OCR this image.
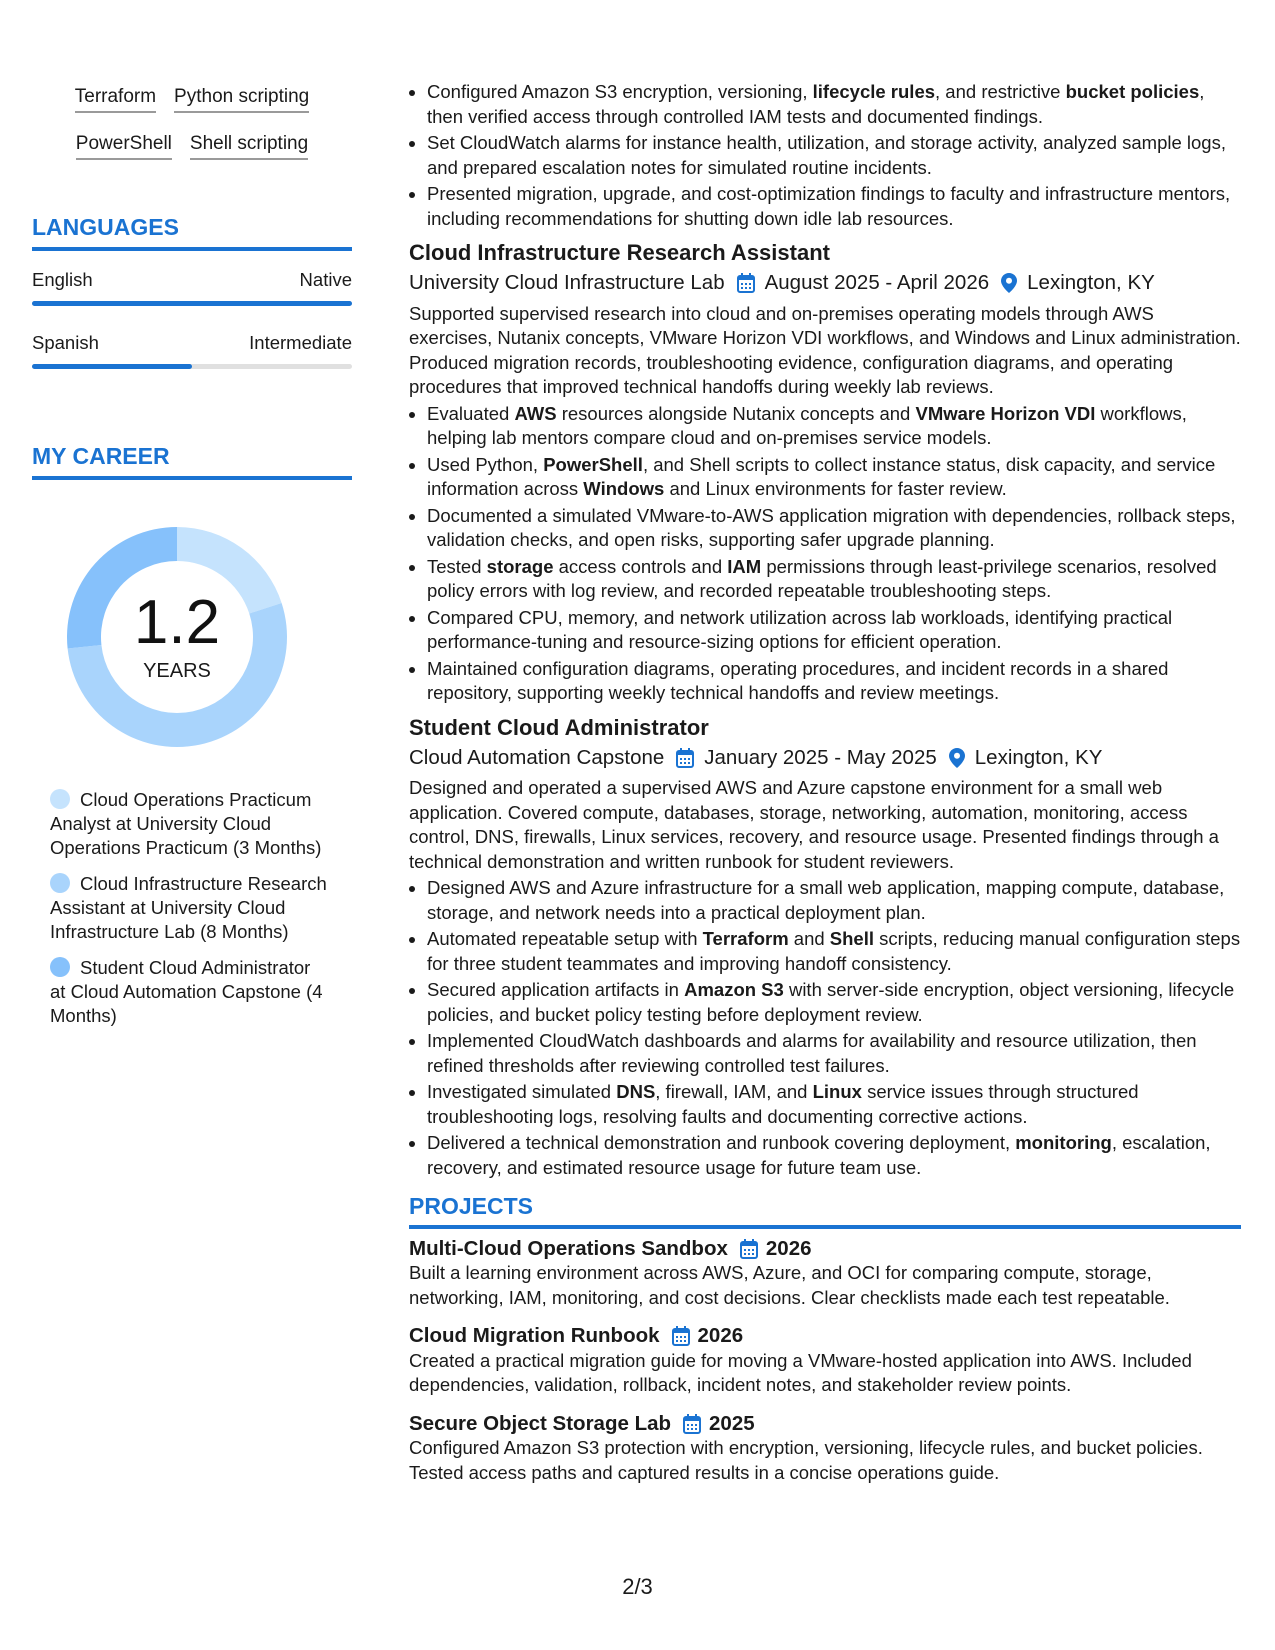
Terraform Python scripting
PowerShell Shell scripting
LANGUAGES
English	Native
Spanish	Intermediate
MY CAREER
1.2
YEARS
Cloud Operations Practicum Analyst at University Cloud Operations Practicum (3 Months)
Cloud Infrastructure Research Assistant at University Cloud Infrastructure Lab (8 Months)
Student Cloud Administrator at Cloud Automation Capstone (4 Months)
• Configured Amazon S3 encryption, versioning, lifecycle rules, and restrictive bucket policies, then verified access through controlled IAM tests and documented findings.
• Set CloudWatch alarms for instance health, utilization, and storage activity, analyzed sample logs, and prepared escalation notes for simulated routine incidents.
• Presented migration, upgrade, and cost-optimization findings to faculty and infrastructure mentors, including recommendations for shutting down idle lab resources.
Cloud Infrastructure Research Assistant
University Cloud Infrastructure Lab August 2025 - April 2026 Lexington, KY

Supported supervised research into cloud and on-premises operating models through AWS exercises, Nutanix concepts, VMware Horizon VDI workflows, and Windows and Linux administration. Produced migration records, troubleshooting evidence, configuration diagrams, and operating procedures that improved technical handoffs during weekly lab reviews.

• Evaluated AWS resources alongside Nutanix concepts and VMware Horizon VDI workflows, helping lab mentors compare cloud and on-premises service models.
• Used Python, PowerShell, and Shell scripts to collect instance status, disk capacity, and service information across Windows and Linux environments for faster review.
• Documented a simulated VMware-to-AWS application migration with dependencies, rollback steps, validation checks, and open risks, supporting safer upgrade planning.
• Tested storage access controls and IAM permissions through least-privilege scenarios, resolved policy errors with log review, and recorded repeatable troubleshooting steps.
• Compared CPU, memory, and network utilization across lab workloads, identifying practical performance-tuning and resource-sizing options for efficient operation.
• Maintained configuration diagrams, operating procedures, and incident records in a shared repository, supporting weekly technical handoffs and review meetings.
Student Cloud Administrator
Cloud Automation Capstone January 2025 - May 2025 Lexington, KY

Designed and operated a supervised AWS and Azure capstone environment for a small web application. Covered compute, databases, storage, networking, automation, monitoring, access control, DNS, firewalls, Linux services, recovery, and resource usage. Presented findings through a technical demonstration and written runbook for student reviewers.

• Designed AWS and Azure infrastructure for a small web application, mapping compute, database, storage, and network needs into a practical deployment plan.
• Automated repeatable setup with Terraform and Shell scripts, reducing manual configuration steps for three student teammates and improving handoff consistency.
• Secured application artifacts in Amazon S3 with server-side encryption, object versioning, lifecycle policies, and bucket policy testing before deployment review.
• Implemented CloudWatch dashboards and alarms for availability and resource utilization, then refined thresholds after reviewing controlled test failures.
• Investigated simulated DNS, firewall, IAM, and Linux service issues through structured troubleshooting logs, resolving faults and documenting corrective actions.
• Delivered a technical demonstration and runbook covering deployment, monitoring, escalation, recovery, and estimated resource usage for future team use.
PROJECTS
Multi-Cloud Operations Sandbox 2026

Built a learning environment across AWS, Azure, and OCI for comparing compute, storage, networking, IAM, monitoring, and cost decisions. Clear checklists made each test repeatable.

Cloud Migration Runbook 2026

Created a practical migration guide for moving a VMware-hosted application into AWS. Included dependencies, validation, rollback, incident notes, and stakeholder review points.

Secure Object Storage Lab 2025

Configured Amazon S3 protection with encryption, versioning, lifecycle rules, and bucket policies. Tested access paths and captured results in a concise operations guide.

2/3
